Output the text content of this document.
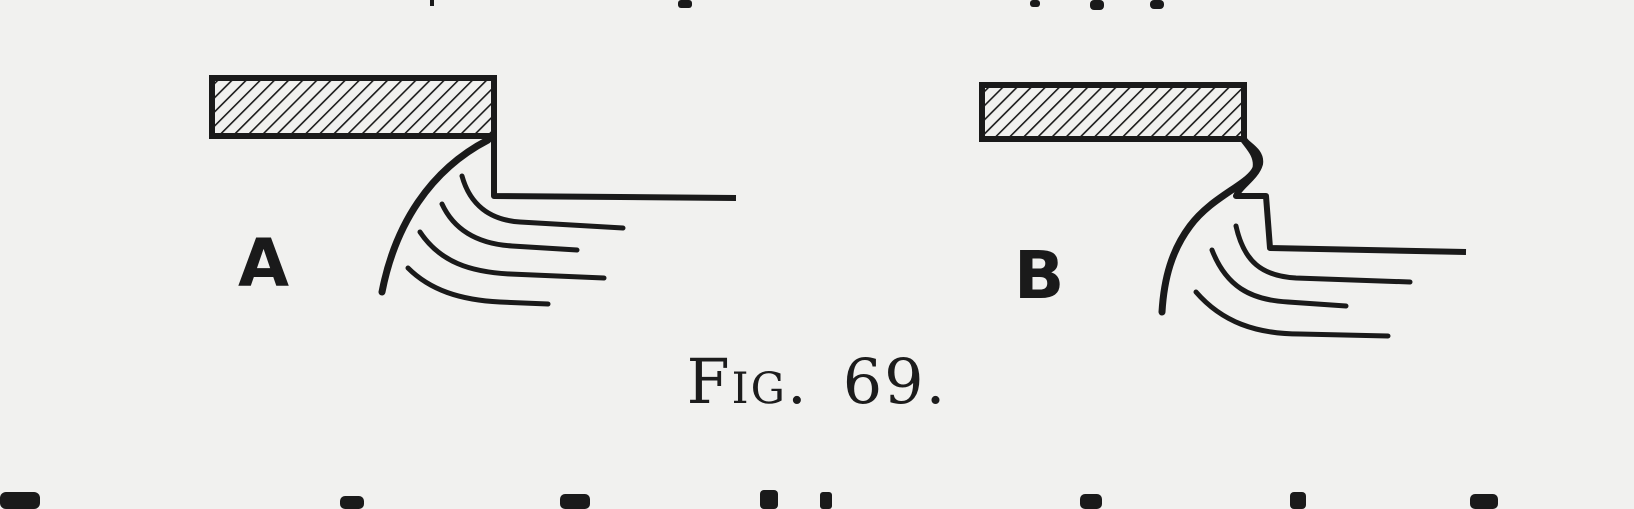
A	B
Fig. 69.
